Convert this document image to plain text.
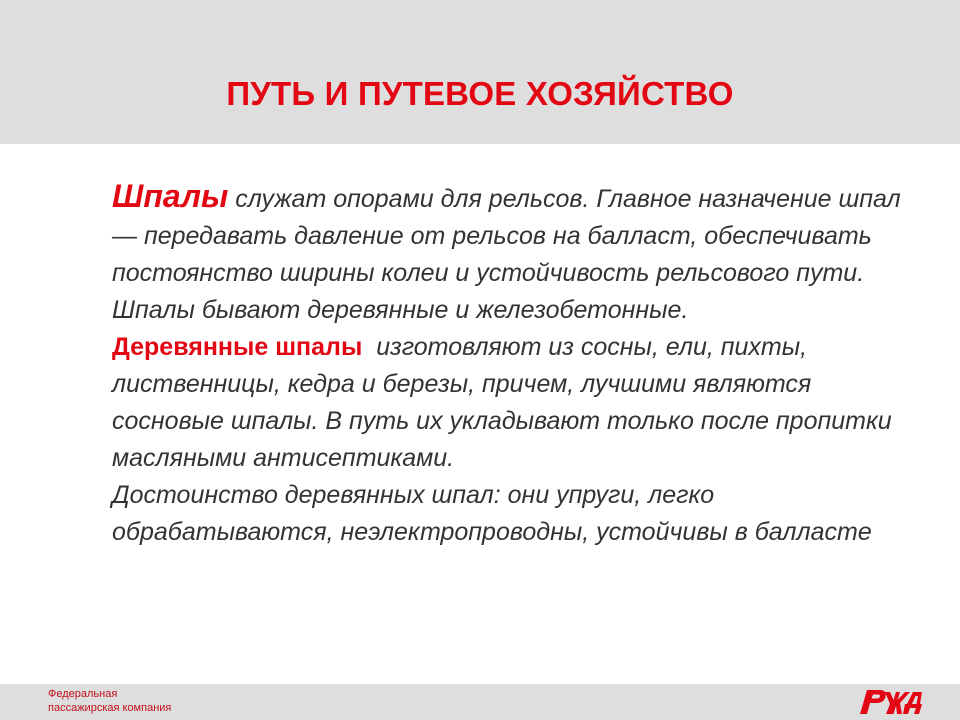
ПУТЬ И ПУТЕВОЕ ХОЗЯЙСТВО

Шпалы служат опорами для рельсов. Главное назначение шпал — передавать давление от рельсов на балласт, обеспечивать постоянство ширины колеи и устойчивость рельсового пути.

Шпалы бывают деревянные и железобетонные.

Деревянные шпалы  изготовляют из сосны, ели, пихты, лиственницы, кедра и березы, причем, лучшими являются сосновые шпалы. В путь их укладывают только после пропитки масляными антисептиками.

Достоинство деревянных шпал: они упруги, легко обрабатываются, неэлектропроводны, устойчивы в балласте

Федеральная
пассажирская компания
